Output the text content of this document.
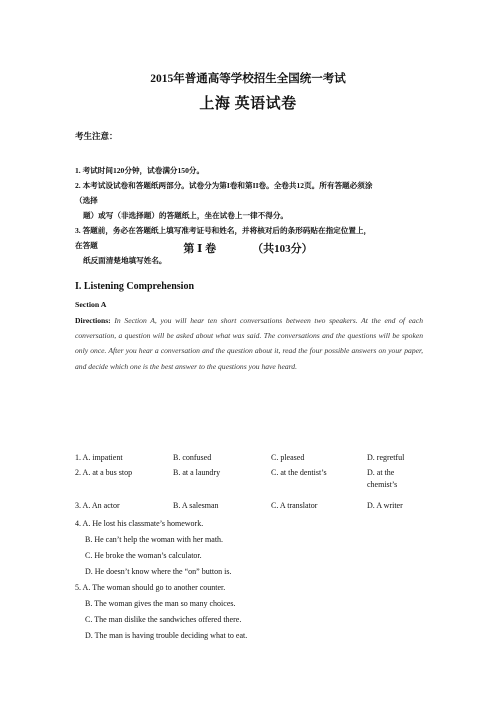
2015年普通高等学校招生全国统一考试
上海 英语试卷
考生注意：
1. 考试时间120分钟，试卷满分150分。
2. 本考试设试卷和答题纸两部分。试卷分为第I卷和第II卷。全卷共12页。所有答题必须涂
（选择
题）或写（非选择题）的答题纸上，坐在试卷上一律不得分。
3. 答题前，务必在答题纸上填写准考证号和姓名，并将核对后的条形码贴在指定位置上，
在答题
纸反面清楚地填写姓名。
第 Ⅰ 卷	（共103分）
I. Listening Comprehension
Section A
Directions: In Section A, you will hear ten short conversations between two speakers. At the end of each conversation, a question will be asked about what was said. The conversations and the questions will be spoken only once. After you hear a conversation and the question about it, read the four possible answers on your paper, and decide which one is the best answer to the questions you have heard.
1. A. impatient	B. confused	C. pleased	D. regretful
2. A. at a bus stop	B. at a laundry	C. at the dentist’s	D. at the chemist’s
3. A. An actor	B. A salesman	C. A translator	D. A writer
4. A. He lost his classmate’s homework.
B. He can’t help the woman with her math.
C. He broke the woman’s calculator.
D. He doesn’t know where the “on” button is.
5. A. The woman should go to another counter.
B. The woman gives the man so many choices.
C. The man dislike the sandwiches offered there.
D. The man is having trouble deciding what to eat.
